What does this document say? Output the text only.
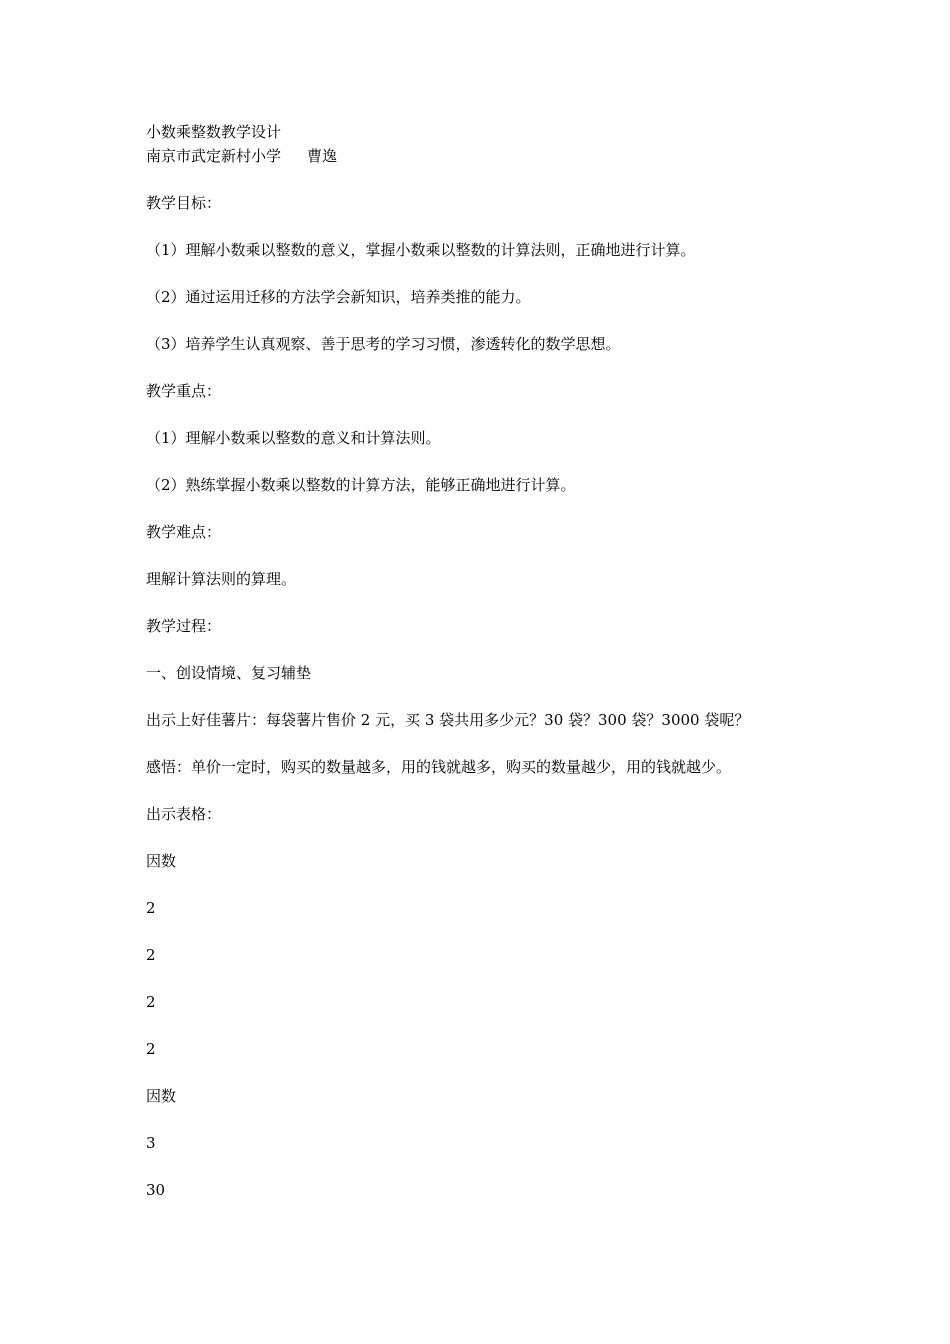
小数乘整数教学设计

南京市武定新村小学 曹逸

教学目标：

（1）理解小数乘以整数的意义，掌握小数乘以整数的计算法则，正确地进行计算。

（2）通过运用迁移的方法学会新知识，培养类推的能力。

（3）培养学生认真观察、善于思考的学习习惯，渗透转化的数学思想。

教学重点：

（1）理解小数乘以整数的意义和计算法则。

（2）熟练掌握小数乘以整数的计算方法，能够正确地进行计算。

教学难点：

理解计算法则的算理。

教学过程：

一、创设情境、复习辅垫

出示上好佳薯片：每袋薯片售价 2 元，买 3 袋共用多少元？30 袋？300 袋？3000 袋呢？

感悟：单价一定时，购买的数量越多，用的钱就越多，购买的数量越少，用的钱就越少。

出示表格：

因数

2

2

2

2

因数

3

30
